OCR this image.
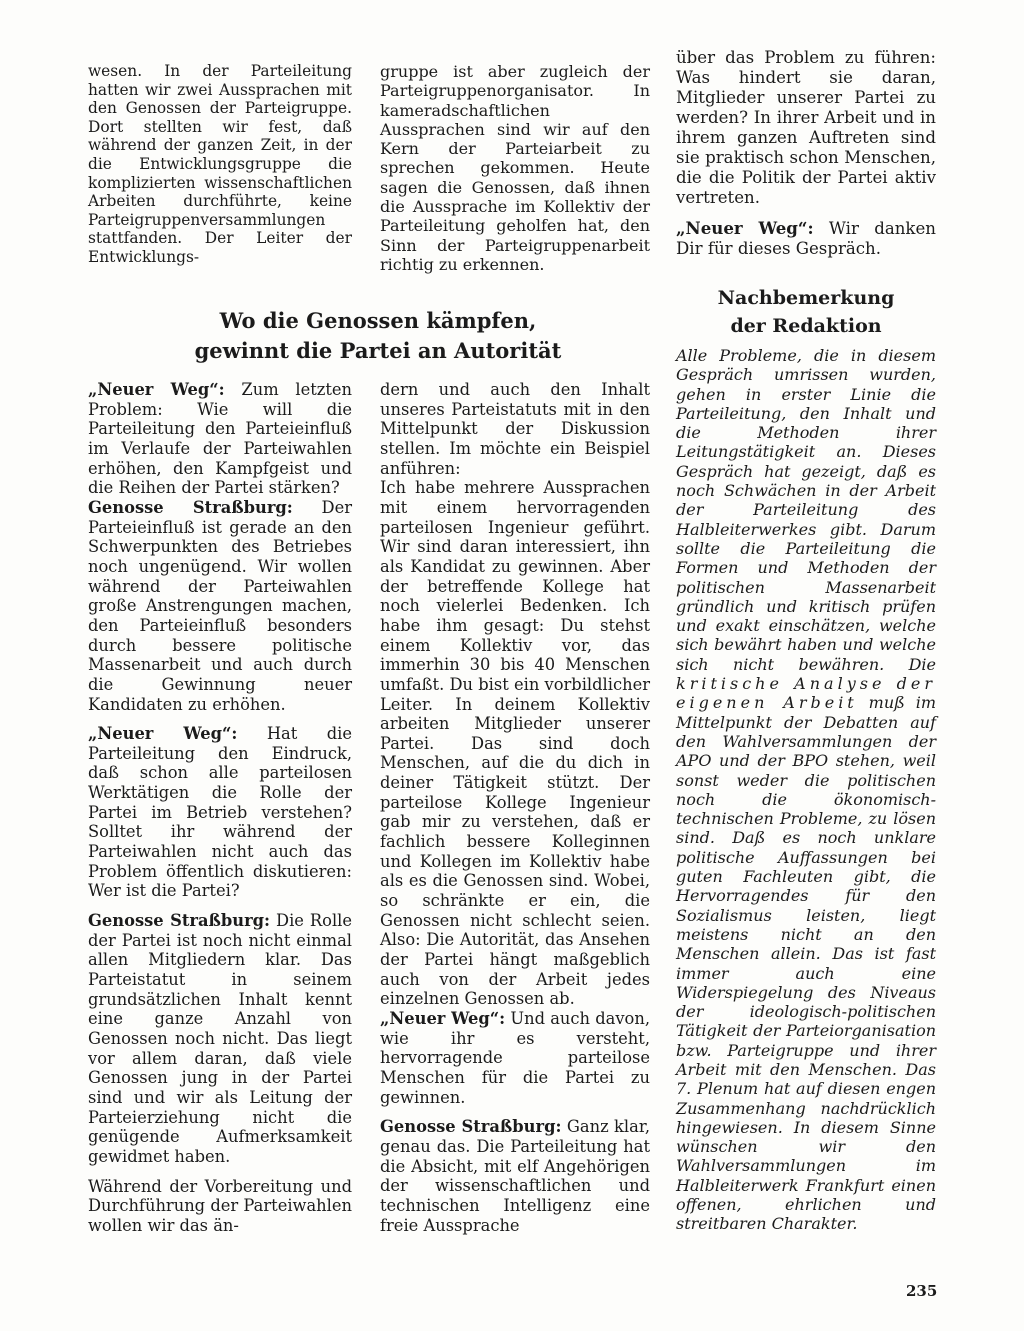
wesen. In der Parteileitung hatten wir zwei Aussprachen mit den Genossen der Parteigruppe. Dort stellten wir fest, daß während der ganzen Zeit, in der die Entwicklungsgruppe die komplizierten wissenschaftlichen Arbeiten durchführte, keine Parteigruppenversammlungen stattfanden. Der Leiter der Entwicklungs-

gruppe ist aber zugleich der Parteigruppenorganisator. In kameradschaftlichen Aussprachen sind wir auf den Kern der Parteiarbeit zu sprechen gekommen. Heute sagen die Genossen, daß ihnen die Aussprache im Kollektiv der Parteileitung geholfen hat, den Sinn der Parteigruppenarbeit richtig zu erkennen.

über das Problem zu führen: Was hindert sie daran, Mitglieder unserer Partei zu werden? In ihrer Arbeit und in ihrem ganzen Auftreten sind sie praktisch schon Menschen, die die Politik der Partei aktiv vertreten.

„Neuer Weg“: Wir danken Dir für dieses Gespräch.

Wo die Genossen kämpfen,
gewinnt die Partei an Autorität
Nachbemerkung
der Redaktion

„Neuer Weg“: Zum letzten Problem: Wie will die Parteileitung den Parteieinfluß im Verlaufe der Parteiwahlen erhöhen, den Kampfgeist und die Reihen der Partei stärken?

Genosse Straßburg: Der Parteieinfluß ist gerade an den Schwerpunkten des Betriebes noch ungenügend. Wir wollen während der Parteiwahlen große Anstrengungen machen, den Parteieinfluß besonders durch bessere politische Massenarbeit und auch durch die Gewinnung neuer Kandidaten zu erhöhen.

„Neuer Weg“: Hat die Parteileitung den Eindruck, daß schon alle parteilosen Werktätigen die Rolle der Partei im Betrieb verstehen? Solltet ihr während der Parteiwahlen nicht auch das Problem öffentlich diskutieren: Wer ist die Partei?

Genosse Straßburg: Die Rolle der Partei ist noch nicht einmal allen Mitgliedern klar. Das Parteistatut in seinem grundsätzlichen Inhalt kennt eine ganze Anzahl von Genossen noch nicht. Das liegt vor allem daran, daß viele Genossen jung in der Partei sind und wir als Leitung der Parteierziehung nicht die genügende Aufmerksamkeit gewidmet haben.

Während der Vorbereitung und Durchführung der Parteiwahlen wollen wir das än-

dern und auch den Inhalt unseres Parteistatuts mit in den Mittelpunkt der Diskussion stellen. Im möchte ein Beispiel anführen:

Ich habe mehrere Aussprachen mit einem hervorragenden parteilosen Ingenieur geführt. Wir sind daran interessiert, ihn als Kandidat zu gewinnen. Aber der betreffende Kollege hat noch vielerlei Bedenken. Ich habe ihm gesagt: Du stehst einem Kollektiv vor, das immerhin 30 bis 40 Menschen umfaßt. Du bist ein vorbildlicher Leiter. In deinem Kollektiv arbeiten Mitglieder unserer Partei. Das sind doch Menschen, auf die du dich in deiner Tätigkeit stützt. Der parteilose Kollege Ingenieur gab mir zu verstehen, daß er fachlich bessere Kolleginnen und Kollegen im Kollektiv habe als es die Genossen sind. Wobei, so schränkte er ein, die Genossen nicht schlecht seien. Also: Die Autorität, das Ansehen der Partei hängt maßgeblich auch von der Arbeit jedes einzelnen Genossen ab.

„Neuer Weg“: Und auch davon, wie ihr es versteht, hervorragende parteilose Menschen für die Partei zu gewinnen.

Genosse Straßburg: Ganz klar, genau das. Die Parteileitung hat die Absicht, mit elf Angehörigen der wissenschaftlichen und technischen Intelligenz eine freie Aussprache

Alle Probleme, die in diesem Gespräch umrissen wurden, gehen in erster Linie die Parteileitung, den Inhalt und die Methoden ihrer Leitungstätigkeit an. Dieses Gespräch hat gezeigt, daß es noch Schwächen in der Arbeit der Parteileitung des Halbleiterwerkes gibt. Darum sollte die Parteileitung die Formen und Methoden der politischen Massenarbeit gründlich und kritisch prüfen und exakt einschätzen, welche sich bewährt haben und welche sich nicht bewähren. Die kritische Analyse der eigenen Arbeit muß im Mittelpunkt der Debatten auf den Wahlversammlungen der APO und der BPO stehen, weil sonst weder die politischen noch die ökonomisch-technischen Probleme, zu lösen sind. Daß es noch unklare politische Auffassungen bei guten Fachleuten gibt, die Hervorragendes für den Sozialismus leisten, liegt meistens nicht an den Menschen allein. Das ist fast immer auch eine Widerspiegelung des Niveaus der ideologisch-politischen Tätigkeit der Parteiorganisation bzw. Parteigruppe und ihrer Arbeit mit den Menschen. Das 7. Plenum hat auf diesen engen Zusammenhang nachdrücklich hingewiesen. In diesem Sinne wünschen wir den Wahlversammlungen im Halbleiterwerk Frankfurt einen offenen, ehrlichen und streitbaren Charakter.

235
